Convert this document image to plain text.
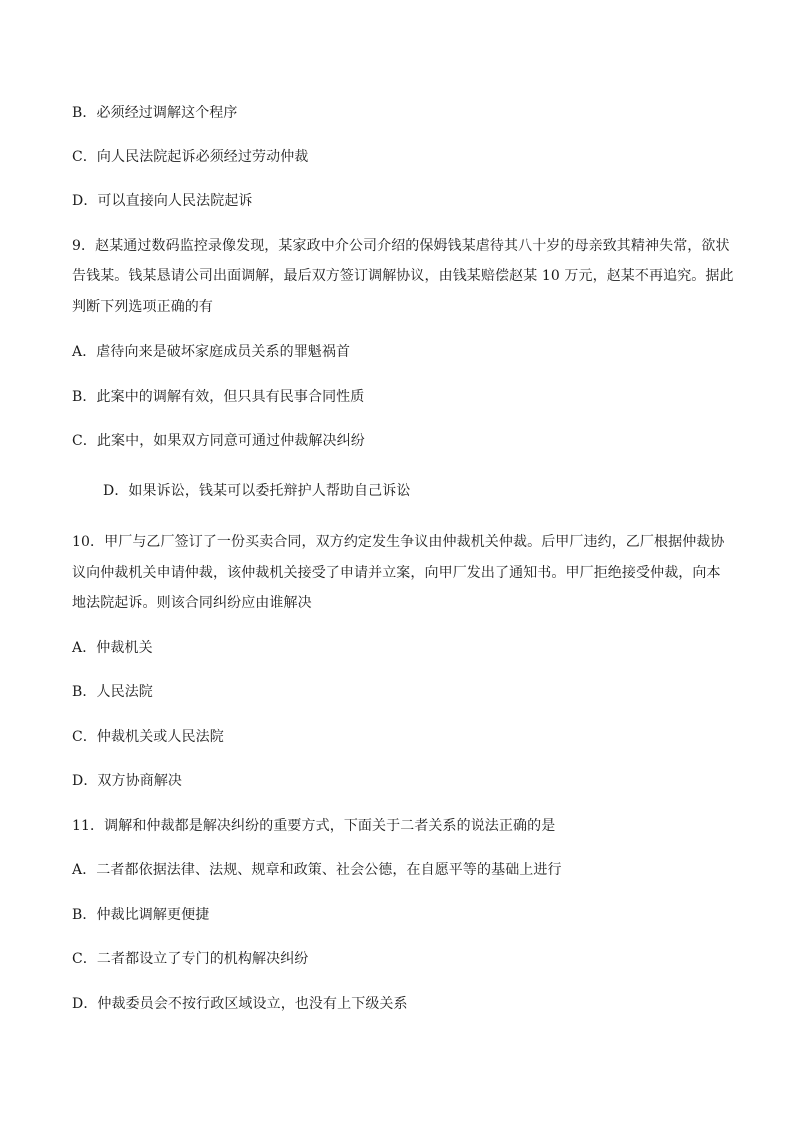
B．必须经过调解这个程序
C．向人民法院起诉必须经过劳动仲裁
D．可以直接向人民法院起诉
9．赵某通过数码监控录像发现，某家政中介公司介绍的保姆钱某虐待其八十岁的母亲致其精神失常，欲状
告钱某。钱某恳请公司出面调解，最后双方签订调解协议，由钱某赔偿赵某 10 万元，赵某不再追究。据此
判断下列选项正确的有
A．虐待向来是破坏家庭成员关系的罪魁祸首
B．此案中的调解有效，但只具有民事合同性质
C．此案中，如果双方同意可通过仲裁解决纠纷
D．如果诉讼，钱某可以委托辩护人帮助自己诉讼
10．甲厂与乙厂签订了一份买卖合同，双方约定发生争议由仲裁机关仲裁。后甲厂违约，乙厂根据仲裁协
议向仲裁机关申请仲裁，该仲裁机关接受了申请并立案，向甲厂发出了通知书。甲厂拒绝接受仲裁，向本
地法院起诉。则该合同纠纷应由谁解决
A．仲裁机关
B．人民法院
C．仲裁机关或人民法院
D．双方协商解决
11．调解和仲裁都是解决纠纷的重要方式，下面关于二者关系的说法正确的是
A．二者都依据法律、法规、规章和政策、社会公德，在自愿平等的基础上进行
B．仲裁比调解更便捷
C．二者都设立了专门的机构解决纠纷
D．仲裁委员会不按行政区域设立，也没有上下级关系
